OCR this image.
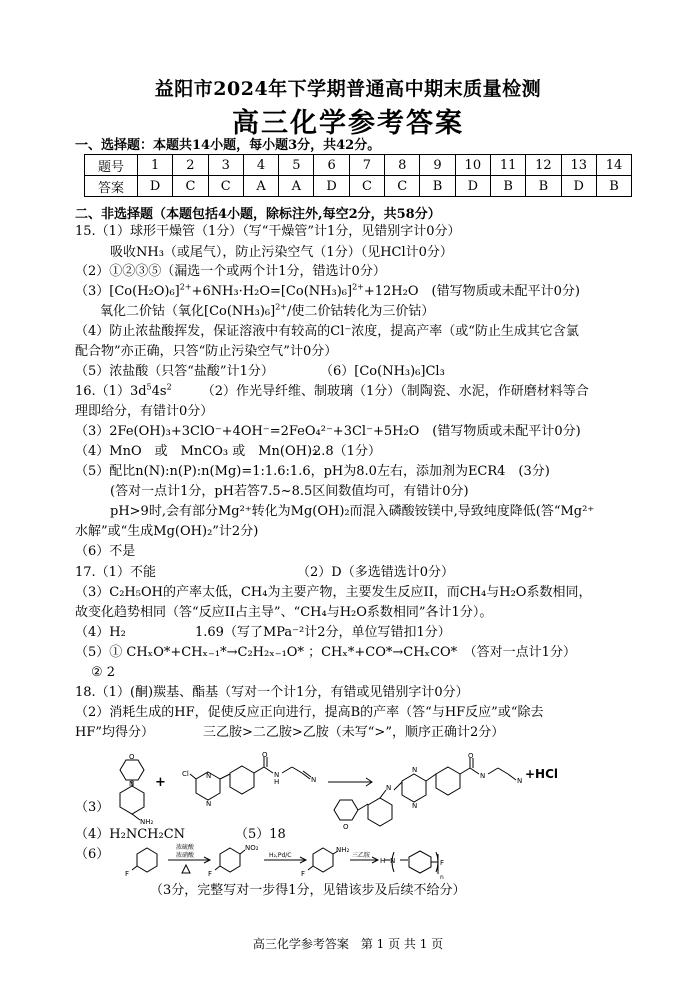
益阳市2024年下学期普通高中期末质量检测
高三化学参考答案
一、选择题：本题共14小题，每小题3分，共42分。
题号	1	2	3	4	5	6	7	8	9	10	11	12	13	14
答案	D	C	C	A	A	D	C	C	B	D	B	B	D	B
二、非选择题（本题包括4小题，除标注外,每空2分，共58分）
15.（1）球形干燥管（1分）（写“干燥管”计1分，见错别字计0分）
吸收NH₃（或尾气），防止污染空气（1分）（见HCl计0分）
（2）①②③⑤（漏选一个或两个计1分，错选计0分）
$(3)[Co(H_2O)_6]^{2+}+6NH_3\cdot H_2O=[Co(NH_3)_6]^{2+}+12H_2O$　(错写物质或未配平计0分)
氧化二价钴（氧化$[Co(NH_3)_6]^{2+}/$使二价钴转化为三价钴）
（4）防止浓盐酸挥发，保证溶液中有较高的Cl⁻浓度，提高产率（或“防止生成其它含氯
配合物”亦正确，只答“防止污染空气”计0分）
（5）浓盐酸（只答“盐酸”计1分）	（6）[Co(NH₃)₆]Cl₃
$16.(1)3d^54s^2$ （2）作光导纤维、制玻璃（1分）（制陶瓷、水泥，作研磨材料等合
理即给分，有错计0分）
（3）2Fe(OH)₃+3ClO⁻+4OH⁻=2FeO₄²⁻+3Cl⁻+5H₂O　(错写物质或未配平计0分)
（4）MnO　或　MnCO₃ 或　Mn(OH)₂
2.8（1分）
（5）配比n(N):n(P):n(Mg)=1:1.6:1.6，pH为8.0左右，添加剂为ECR4　(3分)
(答对一点计1分，pH若答7.5~8.5区间数值均可，有错计0分)
pH>9时,会有部分Mg²⁺转化为Mg(OH)₂而混入磷酸铵镁中,导致纯度降低(答“Mg²⁺
水解”或“生成Mg(OH)₂”计2分)
（6）不是
17.（1）不能	（2）D（多选错选计0分）
（3）C₂H₅OH的产率太低，CH₄为主要产物，主要发生反应II，而CH₄与H₂O系数相同，
故变化趋势相同（答“反应II占主导”、“CH₄与H₂O系数相同”各计1分）。
（4）H₂	1.69（写了MPa⁻²计2分，单位写错扣1分）
（5）① CHₓO*+CHₓ₋₁*→C₂H₂ₓ₋₁O* ；CHₓ*+CO*→CHₓCO*　（答对一点计1分）
② 2
18.（1）(酮)羰基、酯基（写对一个计1分，有错或见错别字计0分）
（2）消耗生成的HF，促使反应正向进行，提高B的产率（答“与HF反应”或“除去
HF”均得分）	三乙胺>二乙胺>乙胺（未写“>”，顺序正确计2分）
O
N
NH₂
Cl N
N
O
N
H	N
O
N
N
N
O
N
N
+
+HCl
（3）
（4）H₂NCH₂CN	（5）18
（6）
F
浓硫酸
浓硝酸
F
NO₂
H₂,Pd/C
F
NH₂
三乙胺
H N	F
n
（3分，完整写对一步得1分，见错该步及后续不给分）
高三化学参考答案　第 1 页 共 1 页
